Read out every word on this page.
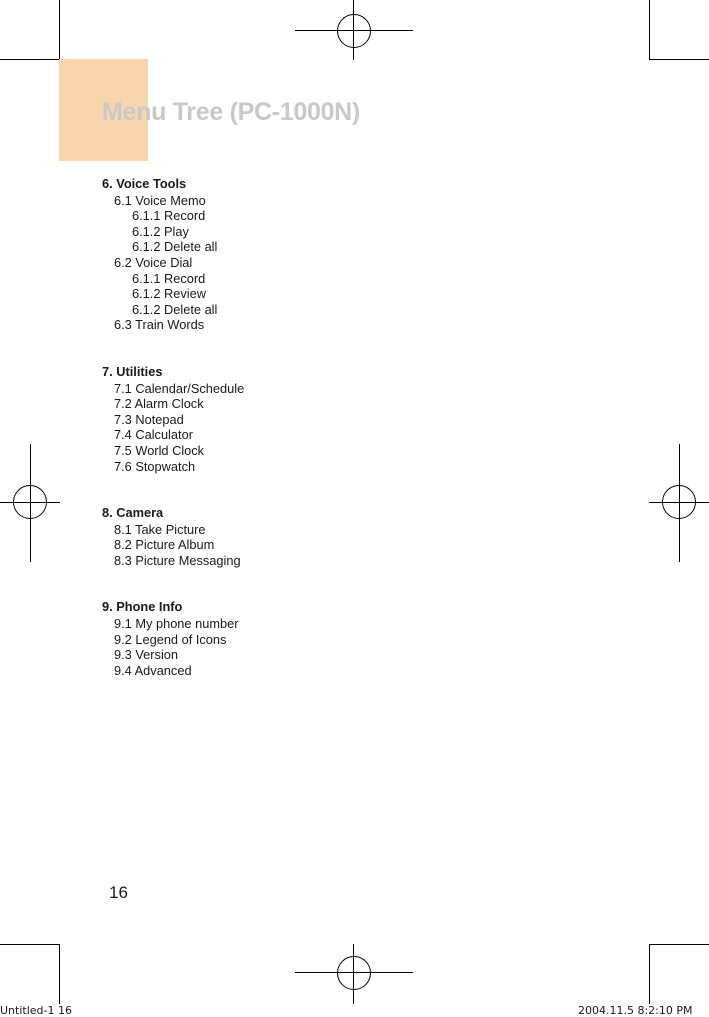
Menu Tree (PC-1000N)
6. Voice Tools
6.1 Voice Memo
6.1.1 Record
6.1.2 Play
6.1.2 Delete all
6.2 Voice Dial
6.1.1 Record
6.1.2 Review
6.1.2 Delete all
6.3 Train Words
7. Utilities
7.1 Calendar/Schedule
7.2 Alarm Clock
7.3 Notepad
7.4 Calculator
7.5 World Clock
7.6 Stopwatch
8. Camera
8.1 Take Picture
8.2 Picture Album
8.3 Picture Messaging
9. Phone Info
9.1 My phone number
9.2 Legend of Icons
9.3 Version
9.4 Advanced
16
Untitled-1 16	2004.11.5 8:2:10 PM
